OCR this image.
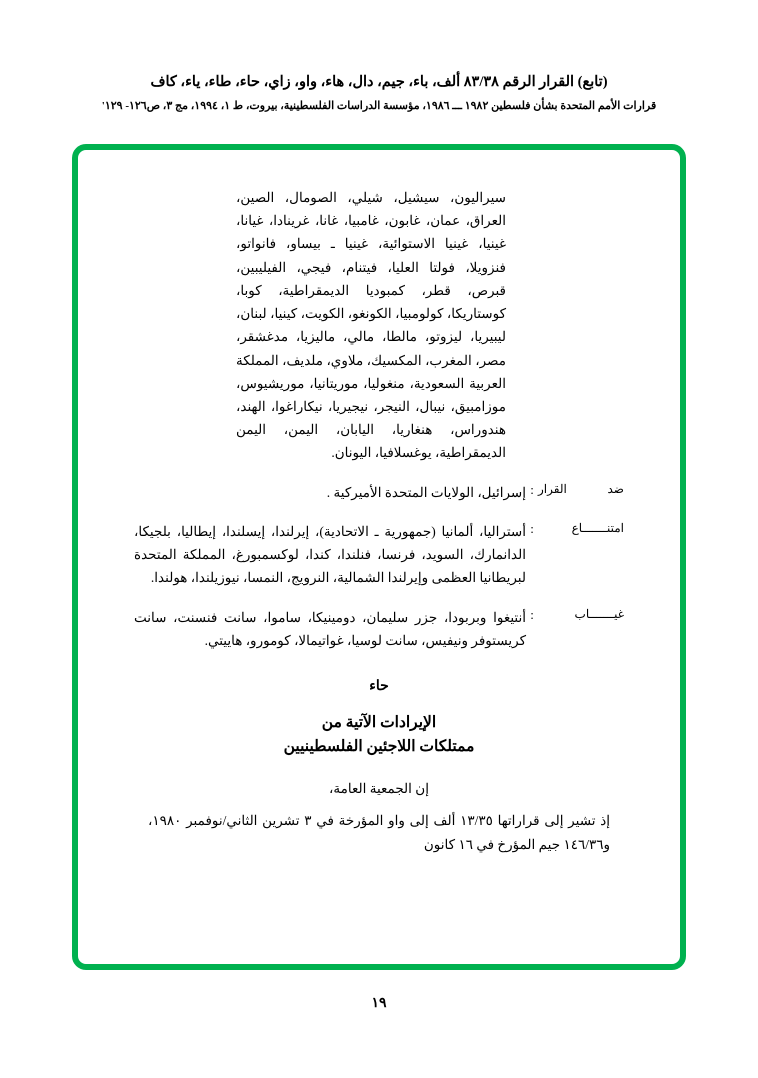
(تابع) القرار الرقم ٨٣/٣٨ ألف، باء، جيم، دال، هاء، واو، زاي، حاء، طاء، ياء، كاف
قرارات الأمم المتحدة بشأن فلسطين ١٩٨٢ ـــ ١٩٨٦، مؤسسة الدراسات الفلسطينية، بيروت، ط ١، ١٩٩٤، مج ٣، ص١٢٦- ١٢٩'
سيراليون، سيشيل، شيلي، الصومال، الصين، العراق، عمان، غابون، غامبيا، غانا، غرينادا، غيانا، غينيا، غينيا الاستوائية، غينيا ـ بيساو، فانواتو، فنزويلا، فولتا العليا، فيتنام، فيجي، الفيليبين، قبرص، قطر، كمبوديا الديمقراطية، كوبا، كوستاريكا، كولومبيا، الكونغو، الكويت، كينيا، لبنان، ليبيريا، ليزوتو، مالطا، مالي، ماليزيا، مدغشقر، مصر، المغرب، المكسيك، ملاوي، ملديف، المملكة العربية السعودية، منغوليا، موريتانيا، موريشيوس، موزامبيق، نيبال، النيجر، نيجيريا، نيكاراغوا، الهند، هندوراس، هنغاريا، اليابان، اليمن، اليمن الديمقراطية، يوغسلافيا، اليونان.
ضد القرار
:
إسرائيل، الولايات المتحدة الأميركية .
امتنـــــــاع
:
أستراليا، ألمانيا (جمهورية ـ الاتحادية)، إيرلندا، إيسلندا، إيطاليا، بلجيكا، الدانمارك، السويد، فرنسا، فنلندا، كندا، لوكسمبورغ، المملكة المتحدة لبريطانيا العظمى وإيرلندا الشمالية، النرويج، النمسا، نيوزيلندا، هولندا.
غيـــــــاب
:
أنتيغوا وبربودا، جزر سليمان، دومينيكا، ساموا، سانت فنسنت، سانت كريستوفر ونيفيس، سانت لوسيا، غواتيمالا، كومورو، هاييتي.
حاء
الإيرادات الآتية من
ممتلكات اللاجئين الفلسطينيين
إن الجمعية العامة،
إذ تشير إلى قراراتها ١٣/٣٥ ألف إلى واو المؤرخة في ٣ تشرين الثاني/نوفمبر ١٩٨٠، و١٤٦/٣٦ جيم المؤرخ في ١٦ كانون
١٩
